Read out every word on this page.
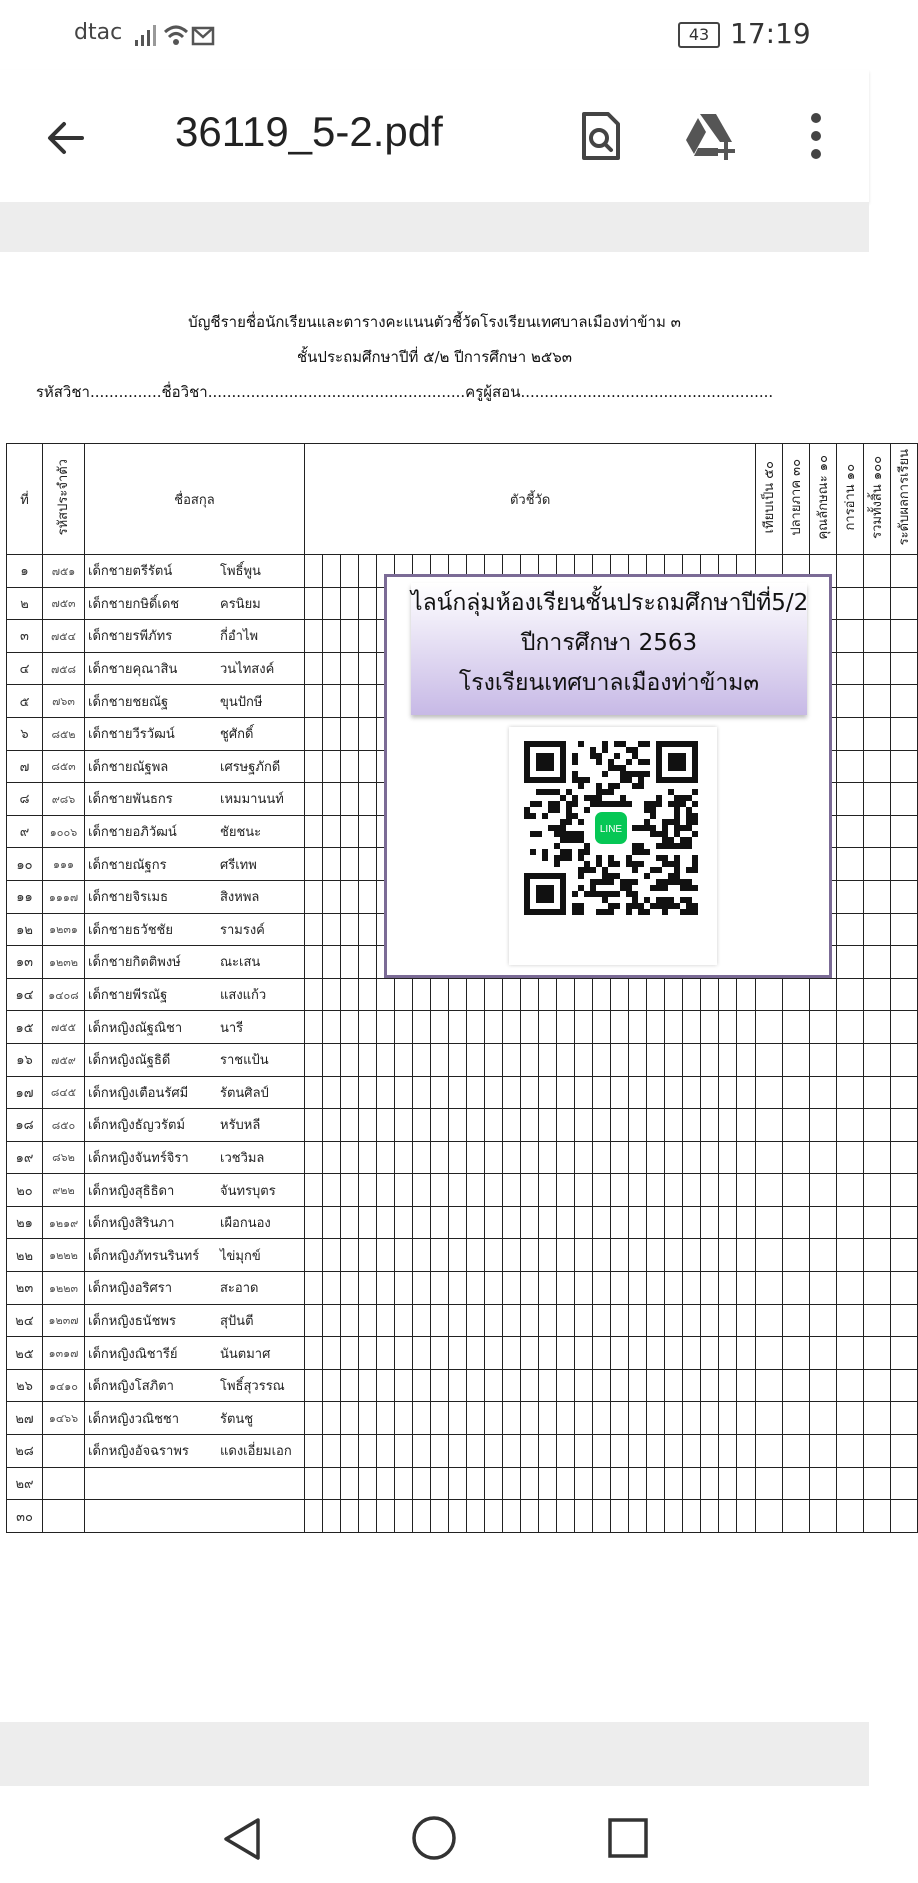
dtac	43 17:19
36119_5-2.pdf
บัญชีรายชื่อนักเรียนและตารางคะแนนตัวชี้วัดโรงเรียนเทศบาลเมืองท่าข้าม ๓
ชั้นประถมศึกษาปีที่ ๕/๒ ปีการศึกษา ๒๕๖๓
รหัสวิชา...............ชื่อวิชา......................................................ครูผู้สอน.....................................................
ที่	รหัสประจำตัว	ชื่อสกุล	ตัวชี้วัด																									เทียบเป็น ๕๐	ปลายภาค ๓๐	คุณลักษณะ ๑๐	การอ่าน ๑๐	รวมทั้งสิ้น ๑๐๐	ระดับผลการเรียน
๑	๗๕๑	เด็กชายตรีรัตน์ โพธิ์พูน																															
๒	๗๕๓	เด็กชายกษิดิ์เดช ครนิยม																															
๓	๗๕๔	เด็กชายรพีภัทร กี่อำไพ																															
๔	๗๕๘	เด็กชายคุณาสิน วนไทสงค์																															
๕	๗๖๓	เด็กชายชยณัฐ ขุนปักษี																															
๖	๘๕๒	เด็กชายวีรวัฒน์ ชูศักดิ์																															
๗	๘๕๓	เด็กชายณัฐพล เศรษฐภักดี																															
๘	๙๘๖	เด็กชายพันธกร เหมมานนท์																															
๙	๑๐๐๖	เด็กชายอภิวัฒน์ ชัยชนะ																															
๑๐	๑๑๑	เด็กชายณัฐกร ศรีเทพ																															
๑๑	๑๑๑๗	เด็กชายจิรเมธ สิงหพล																															
๑๒	๑๒๓๑	เด็กชายธวัชชัย รามรงค์																															
๑๓	๑๒๓๒	เด็กชายกิตติพงษ์ ณะเสน																															
๑๔	๑๔๐๘	เด็กชายพีรณัฐ แสงแก้ว																															
๑๕	๗๕๕	เด็กหญิงณัฐณิชา นารี																															
๑๖	๗๕๙	เด็กหญิงณัฐธิดี ราชแป้น																															
๑๗	๘๔๕	เด็กหญิงเตือนรัศมี รัตนศิลป์																															
๑๘	๘๕๐	เด็กหญิงธัญวรัตม์ หรับหลี																															
๑๙	๘๖๒	เด็กหญิงจันทร์จิรา เวชวิมล																															
๒๐	๙๒๒	เด็กหญิงสุธิธิดา จันทรบุตร																															
๒๑	๑๒๑๙	เด็กหญิงสิรินภา เผือกนอง																															
๒๒	๑๒๒๒	เด็กหญิงภัทรนรินทร์ ไข่มุกข์																															
๒๓	๑๒๒๓	เด็กหญิงอริศรา สะอาด																															
๒๔	๑๒๓๗	เด็กหญิงธนัชพร สุปันตี																															
๒๕	๑๓๑๗	เด็กหญิงณิชารีย์ นันตมาศ																															
๒๖	๑๔๑๐	เด็กหญิงโสภิตา โพธิ์สุวรรณ																															
๒๗	๑๔๖๖	เด็กหญิงวณิชชา รัตนชู																															
๒๘		เด็กหญิงอัจฉราพร แดงเอี่ยมเอก																															
๒๙																																	
๓๐																																	
ไลน์กลุ่มห้องเรียนชั้นประถมศึกษาปีที่5/2
ปีการศึกษา 2563
โรงเรียนเทศบาลเมืองท่าข้าม๓
LINE
